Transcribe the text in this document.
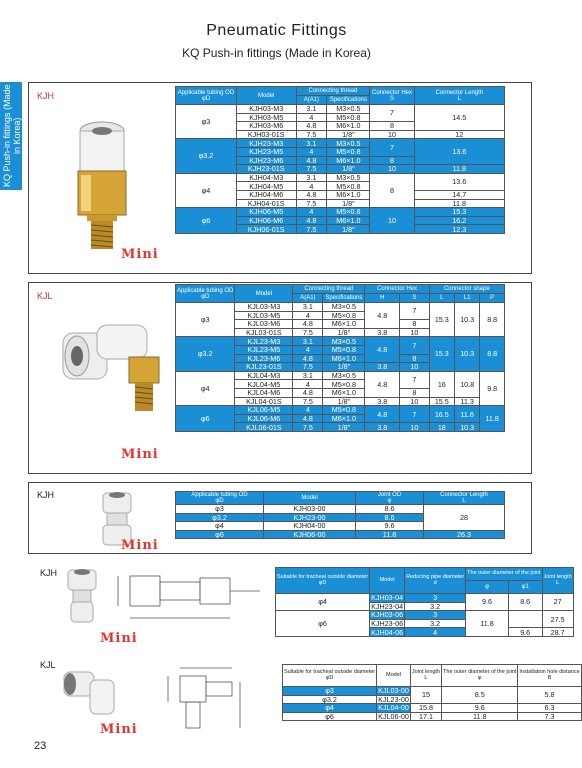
Pneumatic Fittings
KQ Push-in fittings (Made in Korea)
KQ Push-in fittings (Made in Korea)
KJH
Mini
Applicable tubing OD
φD	Model	Connecting thread		Connector Hex
S	Connector Length
L
		A(A1)	Specifications		
φ3	KJH03-M3	3.1	M3×0.5	7	14.5
	KJH03-M5	4	M5×0.8		
	KJH03-M6	4.8	M6×1.0	8	
	KJH03-01S	7.5	1/8"	10	12
φ3.2	KJH23-M3	3.1	M3×0.5	7	13.6
	KJH23-M5	4	M5×0.8		
	KJH23-M6	4.8	M6×1.0	8	
	KJH23-01S	7.5	1/8"	10	11.8
φ4	KJH04-M3	3.1	M3×0.5	8	13.6
	KJH04-M5	4	M5×0.8		
	KJH04-M6	4.8	M6×1.0		14.7
	KJH04-01S	7.5	1/8"		11.8
φ6	KJH06-M5	4	M5×0.8	10	15.3
	KJH06-M6	4.8	M6×1.0		16.2
	KJH06-01S	7.5	1/8"		12.3
KJL
Mini
Applicable tubing OD
φD	Model	Connecting thread		Connector Hex		Connector shape		
		A(A1)	Specifications	H	S	L	L1	P
φ3	KJL03-M3	3.1	M3×0.5	4.8	7	15.3	10.3	8.8
	KJL03-M5	4	M5×0.8					
	KJL03-M6	4.8	M6×1.0		8			
	KJL03-01S	7.5	1/8"	3.8	10			
φ3.2	KJL23-M3	3.1	M3×0.5	4.8	7	15.3	10.3	8.8
	KJL23-M5	4	M5×0.8					
	KJL23-M6	4.8	M6×1.0		8			
	KJL23-01S	7.5	1/8"	3.8	10			
φ4	KJL04-M3	3.1	M3×0.5	4.8	7	16	10.8	9.8
	KJL04-M5	4	M5×0.8					
	KJL04-M6	4.8	M6×1.0		8			
	KJL04-01S	7.5	1/8"	3.8	10	15.5	11.3	
φ6	KJL06-M5	4	M5×0.8	4.8	7	16.5	11.6	11.8
	KJL06-M6	4.8	M6×1.0					
	KJL06-01S	7.5	1/8"	3.8	10	18	10.3	
KJH
Mini
Applicable tubing OD
φD	Model	Joint OD
φ	Connector Length
L
φ3	KJH03-00	8.6	28
φ3.2	KJH23-00	8.6	
φ4	KJH04-00	9.6	
φ6	KJH06-00	11.8	26.3
KJH
Mini
Suitable for tracheal outside diameter
φD	Model	Reducing pipe diameter
d	The outer diameter of the joint		Joint length
L
			φ	φ1	
φ4	KJH03-04	3	9.6	8.6	27
	KJH23-04	3.2			
φ6	KJH03-06	3	11.8		27.5
	KJH23-06	3.2			
	KJH04-06	4		9.6	28.7
KJL
Mini
Suitable for tracheal outside diameter
φD	Model	Joint length
L	The outer diameter of the joint
φ	Installation hole distance
B
φ3	KJL03-00	15	8.5	5.8
φ3.2	KJL23-00			
φ4	KJL04-00	15.8	9.6	6.3
φ6	KJL06-00	17.1	11.8	7.3
23
